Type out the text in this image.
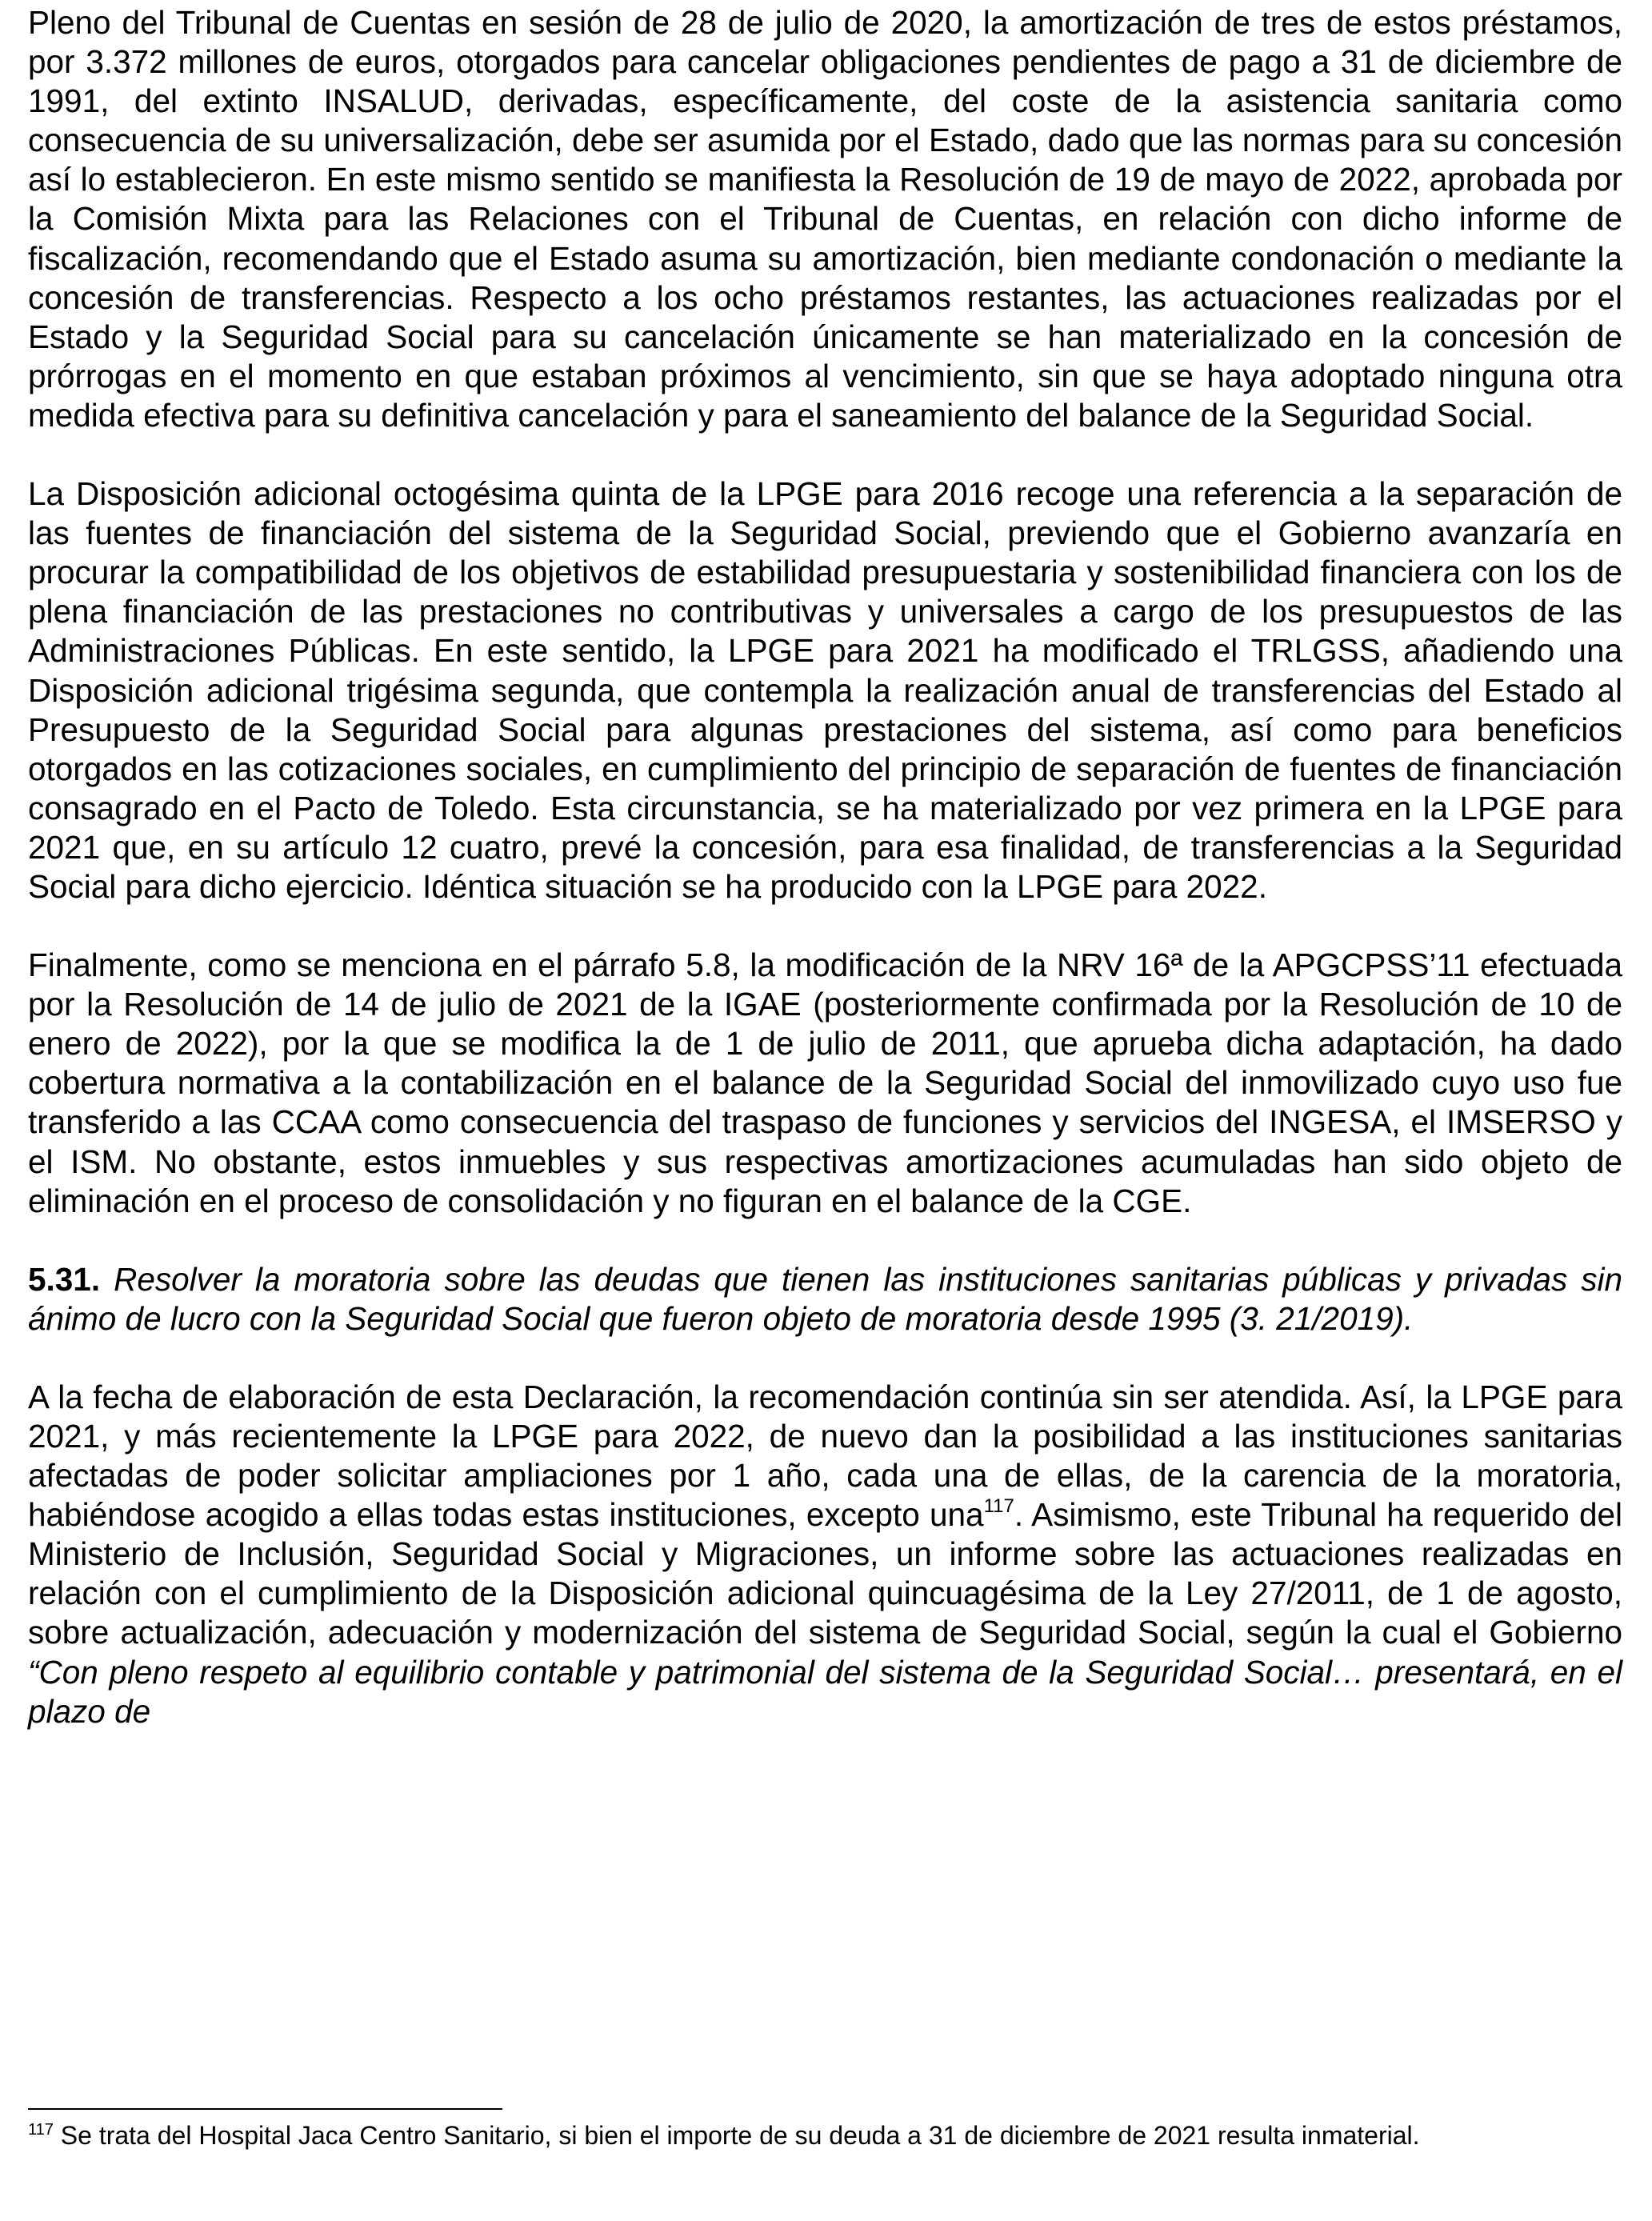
Pleno del Tribunal de Cuentas en sesión de 28 de julio de 2020, la amortización de tres de estos préstamos, por 3.372 millones de euros, otorgados para cancelar obligaciones pendientes de pago a 31 de diciembre de 1991, del extinto INSALUD, derivadas, específicamente, del coste de la asistencia sanitaria como consecuencia de su universalización, debe ser asumida por el Estado, dado que las normas para su concesión así lo establecieron. En este mismo sentido se manifiesta la Resolución de 19 de mayo de 2022, aprobada por la Comisión Mixta para las Relaciones con el Tribunal de Cuentas, en relación con dicho informe de fiscalización, recomendando que el Estado asuma su amortización, bien mediante condonación o mediante la concesión de transferencias. Respecto a los ocho préstamos restantes, las actuaciones realizadas por el Estado y la Seguridad Social para su cancelación únicamente se han materializado en la concesión de prórrogas en el momento en que estaban próximos al vencimiento, sin que se haya adoptado ninguna otra medida efectiva para su definitiva cancelación y para el saneamiento del balance de la Seguridad Social.

La Disposición adicional octogésima quinta de la LPGE para 2016 recoge una referencia a la separación de las fuentes de financiación del sistema de la Seguridad Social, previendo que el Gobierno avanzaría en procurar la compatibilidad de los objetivos de estabilidad presupuestaria y sostenibilidad financiera con los de plena financiación de las prestaciones no contributivas y universales a cargo de los presupuestos de las Administraciones Públicas. En este sentido, la LPGE para 2021 ha modificado el TRLGSS, añadiendo una Disposición adicional trigésima segunda, que contempla la realización anual de transferencias del Estado al Presupuesto de la Seguridad Social para algunas prestaciones del sistema, así como para beneficios otorgados en las cotizaciones sociales, en cumplimiento del principio de separación de fuentes de financiación consagrado en el Pacto de Toledo. Esta circunstancia, se ha materializado por vez primera en la LPGE para 2021 que, en su artículo 12 cuatro, prevé la concesión, para esa finalidad, de transferencias a la Seguridad Social para dicho ejercicio. Idéntica situación se ha producido con la LPGE para 2022.

Finalmente, como se menciona en el párrafo 5.8, la modificación de la NRV 16ª de la APGCPSS’11 efectuada por la Resolución de 14 de julio de 2021 de la IGAE (posteriormente confirmada por la Resolución de 10 de enero de 2022), por la que se modifica la de 1 de julio de 2011, que aprueba dicha adaptación, ha dado cobertura normativa a la contabilización en el balance de la Seguridad Social del inmovilizado cuyo uso fue transferido a las CCAA como consecuencia del traspaso de funciones y servicios del INGESA, el IMSERSO y el ISM. No obstante, estos inmuebles y sus respectivas amortizaciones acumuladas han sido objeto de eliminación en el proceso de consolidación y no figuran en el balance de la CGE.

5.31. Resolver la moratoria sobre las deudas que tienen las instituciones sanitarias públicas y privadas sin ánimo de lucro con la Seguridad Social que fueron objeto de moratoria desde 1995 (3. 21/2019).

A la fecha de elaboración de esta Declaración, la recomendación continúa sin ser atendida. Así, la LPGE para 2021, y más recientemente la LPGE para 2022, de nuevo dan la posibilidad a las instituciones sanitarias afectadas de poder solicitar ampliaciones por 1 año, cada una de ellas, de la carencia de la moratoria, habiéndose acogido a ellas todas estas instituciones, excepto una$^{117}$. Asimismo, este Tribunal ha requerido del Ministerio de Inclusión, Seguridad Social y Migraciones, un informe sobre las actuaciones realizadas en relación con el cumplimiento de la Disposición adicional quincuagésima de la Ley 27/2011, de 1 de agosto, sobre actualización, adecuación y modernización del sistema de Seguridad Social, según la cual el Gobierno “Con pleno respeto al equilibrio contable y patrimonial del sistema de la Seguridad Social… presentará, en el plazo de

$^{117}$ Se trata del Hospital Jaca Centro Sanitario, si bien el importe de su deuda a 31 de diciembre de 2021 resulta inmaterial.
